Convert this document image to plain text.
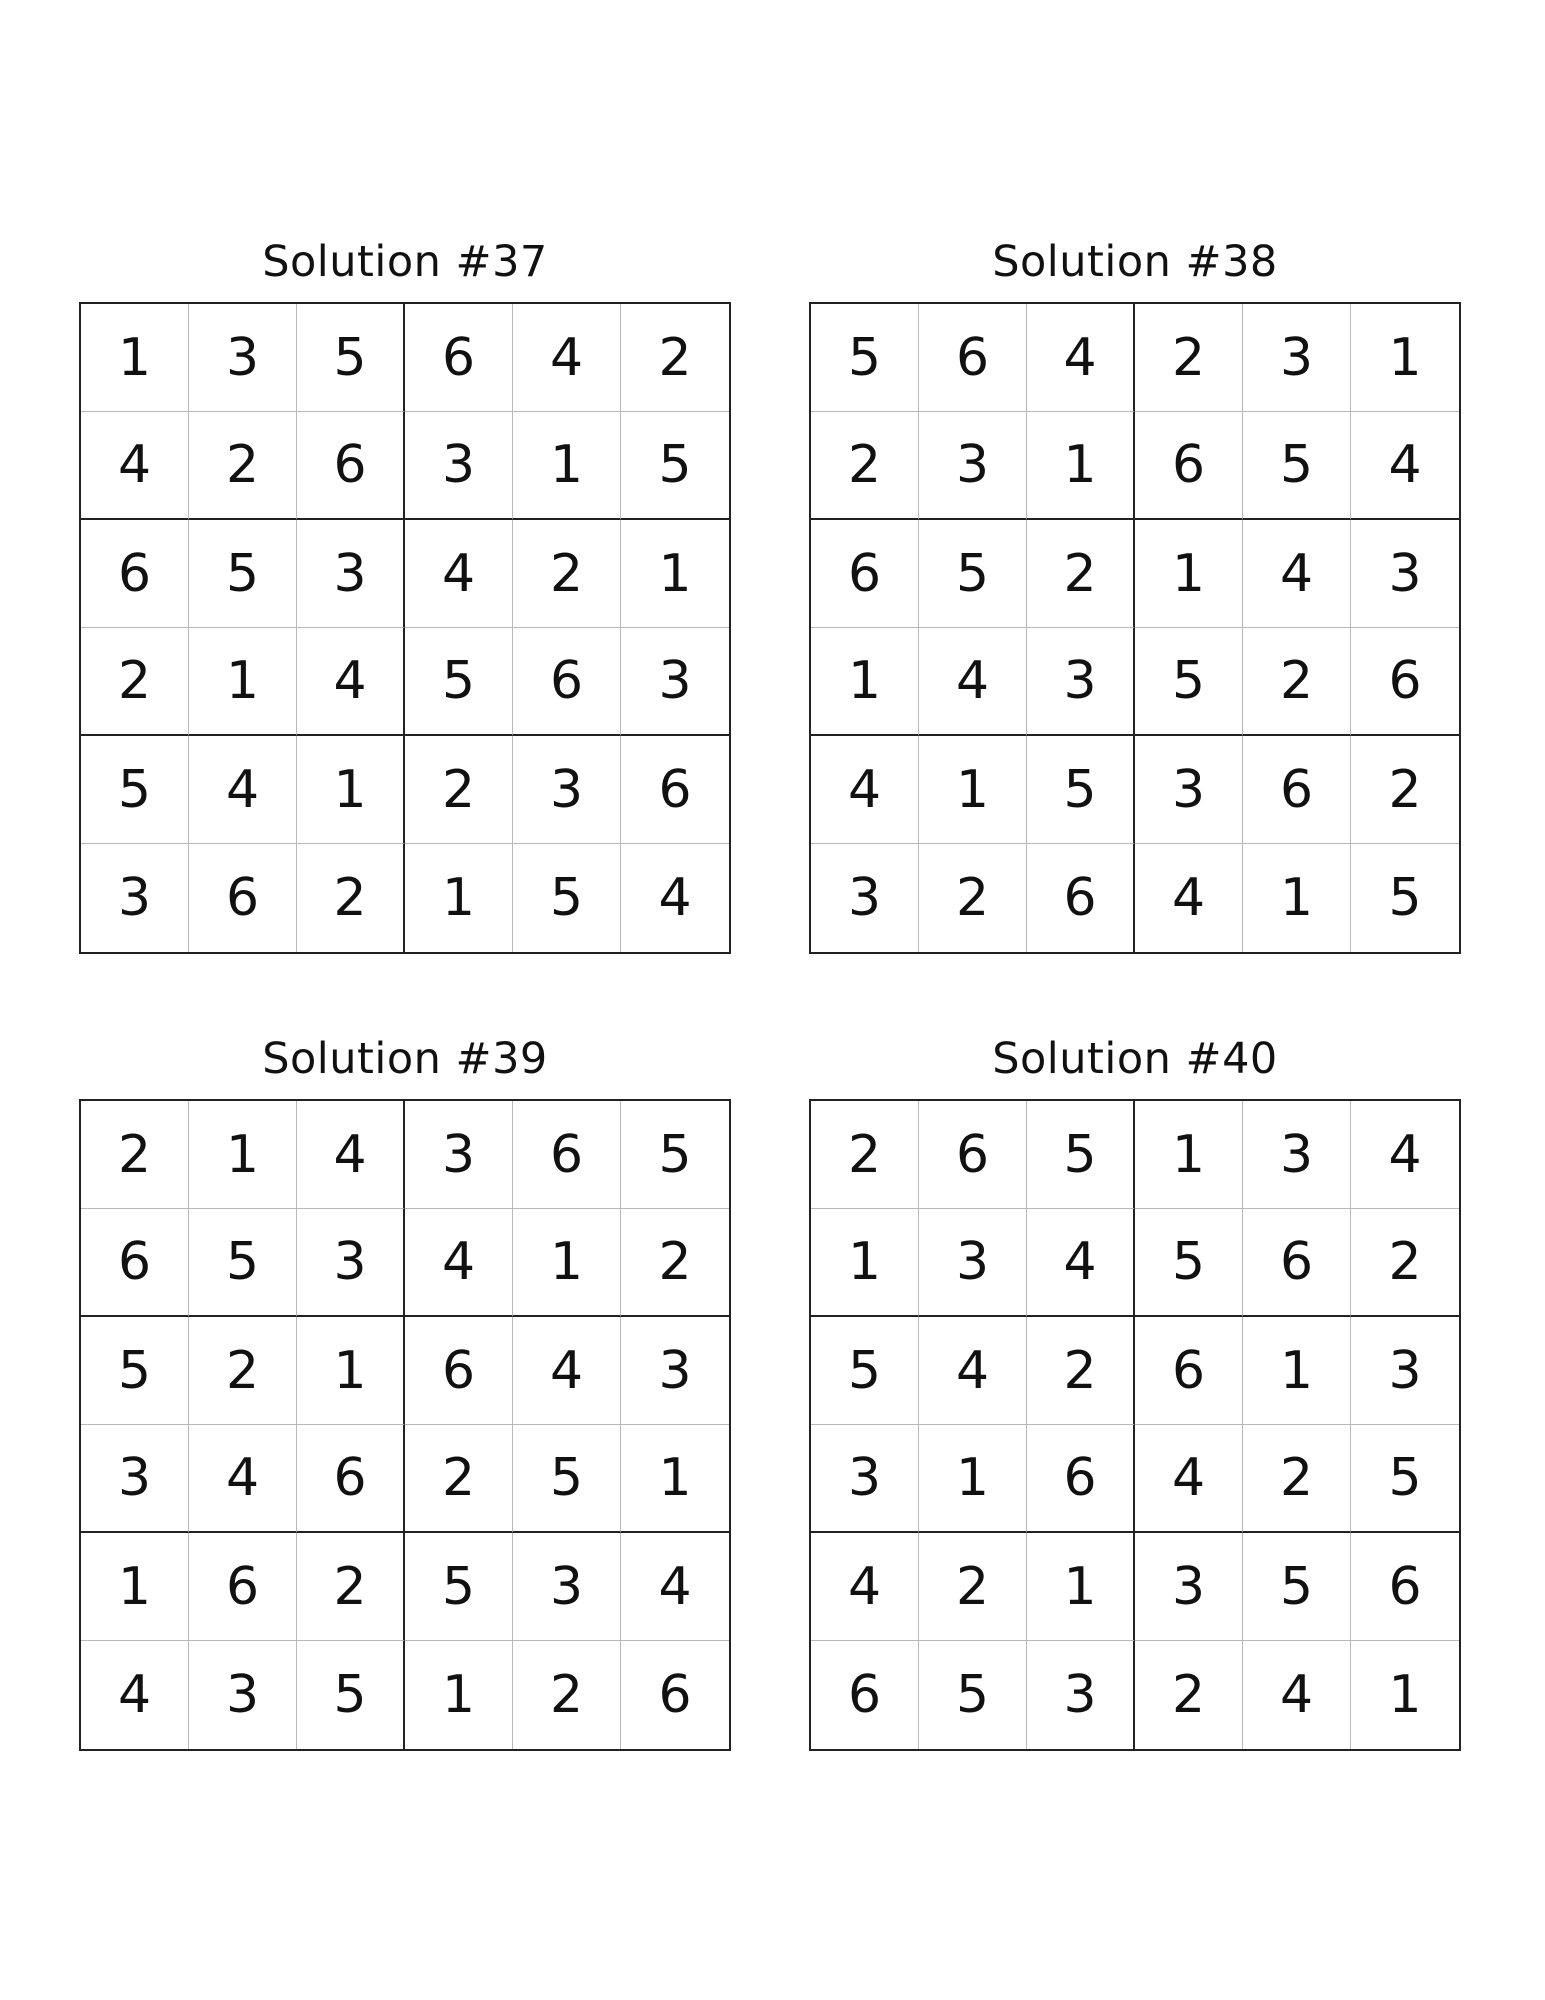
Solution #37
1	3	5	6	4	2
4	2	6	3	1	5
6	5	3	4	2	1
2	1	4	5	6	3
5	4	1	2	3	6
3	6	2	1	5	4
Solution #38
5	6	4	2	3	1
2	3	1	6	5	4
6	5	2	1	4	3
1	4	3	5	2	6
4	1	5	3	6	2
3	2	6	4	1	5
Solution #39
2	1	4	3	6	5
6	5	3	4	1	2
5	2	1	6	4	3
3	4	6	2	5	1
1	6	2	5	3	4
4	3	5	1	2	6
Solution #40
2	6	5	1	3	4
1	3	4	5	6	2
5	4	2	6	1	3
3	1	6	4	2	5
4	2	1	3	5	6
6	5	3	2	4	1
